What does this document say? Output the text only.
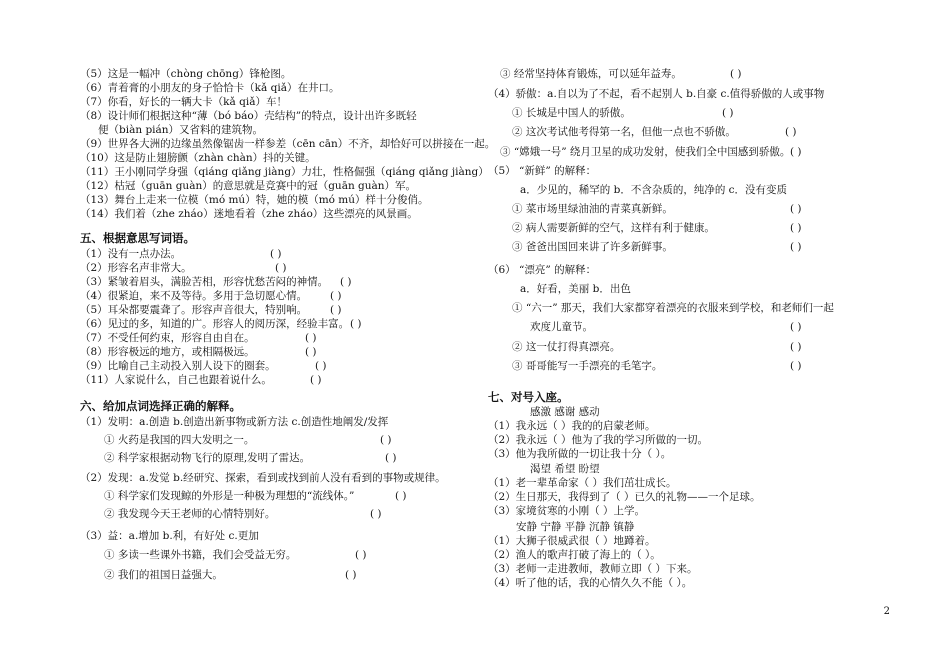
（5）这是一幅冲（chòng chōng）锋枪图。
（6）青着膏的小朋友的身子恰恰卡（kǎ qiǎ）在井口。
（7）你看，好长的一辆大卡（kǎ qiǎ）车！
（8）设计师们根据这种“薄（bó báo）壳结构”的特点，设计出许多既轻
便（biàn pián）又省料的建筑物。
（9）世界各大洲的边缘虽然像锯齿一样参差（cēn cān）不齐，却恰好可以拼接在一起。
（10）这是防止翅膀颤（zhàn chàn）抖的关键。
（11）王小刚同学身强（qiáng qiǎng jiàng）力壮，性格倔强（qiáng qiǎng jiàng）
（12）枯冠（guān guàn）的意思就是竞赛中的冠（guān guàn）军。
（13）舞台上走来一位模（mó mú）特，她的模（mó mú）样十分俊俏。
（14）我们着（zhe zháo）迷地看着（zhe zháo）这些漂亮的风景画。
五、根据意思写词语。
（1）没有一点办法。	( )
（2）形容名声非常大。	( )
（3）紧皱着眉头，满脸苦相，形容忧愁苦闷的神情。 ( )
（4）很紧迫，来不及等待。多用于急切愿心情。 ( )
（5）耳朵都要震聋了。形容声音很大，特别响。 ( )
（6）见过的多，知道的广。形容人的阅历深，经验丰富。 ( )
（7）不受任何约束，形容自由自在。	( )
（8）形容极远的地方，或相隔极远。	( )
（9）比喻自己主动投入别人设下的圈套。	( )
（11）人家说什么，自己也跟着说什么。	( )
六、给加点词选择正确的解释。
（1）发明：a.创造 b.创造出新事物或新方法 c.创造性地阐发/发挥
① 火药是我国的四大发明之一。	( )
② 科学家根据动物飞行的原理,发明了雷达。	( )
（2）发现：a.发觉 b.经研究、探索，看到或找到前人没有看到的事物或规律。
① 科学家们发现鲸的外形是一种极为理想的“流线体。”	( )
② 我发现今天王老师的心情特别好。	( )
（3）益：a.增加 b.利，有好处 c.更加
① 多读一些课外书籍，我们会受益无穷。	( )
② 我们的祖国日益强大。	( )
③ 经常坚持体育锻炼，可以延年益寿。	( )
（4）骄傲：a.自以为了不起，看不起别人 b.自豪 c.值得骄傲的人或事物
① 长城是中国人的骄傲。	( )
② 这次考试他考得第一名，但他一点也不骄傲。	( )
③ “嫦娥一号” 绕月卫星的成功发射，使我们全中国感到骄傲。 ( )
（5） “新鲜” 的解释：
a．少见的，稀罕的 b．不含杂质的，纯净的 c．没有变质
① 菜市场里绿油油的青菜真新鲜。	( )
② 病人需要新鲜的空气，这样有利于健康。	( )
③ 爸爸出国回来讲了许多新鲜事。	( )
（6） “漂亮” 的解释：
a．好看，美丽 b．出色
① “六一” 那天，我们大家都穿着漂亮的衣服来到学校，和老师们一起
欢度儿童节。	( )
② 这一仗打得真漂亮。	( )
③ 哥哥能写一手漂亮的毛笔字。	( )
七、对号入座。
感激 感谢 感动
（1）我永远（ ）我的的启蒙老师。
（2）我永远（ ）他为了我的学习所做的一切。
（3）他为我所做的一切让我十分（ ）。
渴望 希望 盼望
（1）老一辈革命家（ ）我们茁壮成长。
（2）生日那天，我得到了（ ）已久的礼物——一个足球。
（3）家境贫寒的小刚（ ）上学。
安静 宁静 平静 沉静 镇静
（1）大狮子很威武很（ ）地蹲着。
（2）渔人的歌声打破了海上的（ ）。
（3）老师一走进教师，教师立即（ ）下来。
（4）听了他的话，我的心情久久不能（ ）。
2
